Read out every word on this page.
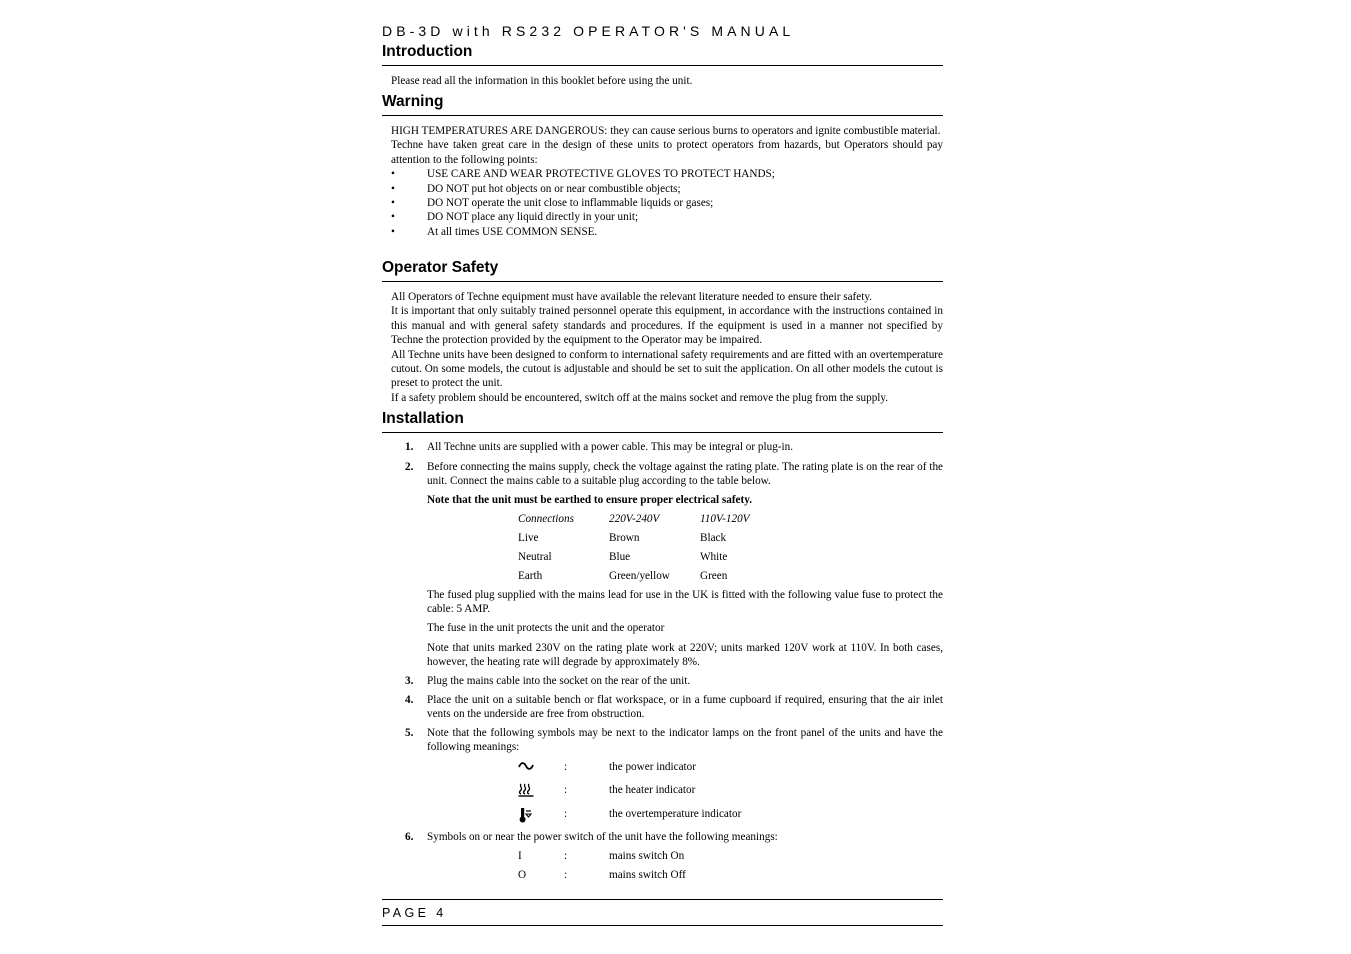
DB-3D with RS232 OPERATOR'S MANUAL
Introduction

Please read all the information in this booklet before using the unit.

Warning

HIGH TEMPERATURES ARE DANGEROUS: they can cause serious burns to operators and ignite combustible material.

Techne have taken great care in the design of these units to protect operators from hazards, but Operators should pay attention to the following points:

•	USE CARE AND WEAR PROTECTIVE GLOVES TO PROTECT HANDS;
•	DO NOT put hot objects on or near combustible objects;
•	DO NOT operate the unit close to inflammable liquids or gases;
•	DO NOT place any liquid directly in your unit;
•	At all times USE COMMON SENSE.
Operator Safety

All Operators of Techne equipment must have available the relevant literature needed to ensure their safety.

It is important that only suitably trained personnel operate this equipment, in accordance with the instructions contained in this manual and with general safety standards and procedures. If the equipment is used in a manner not specified by Techne the protection provided by the equipment to the Operator may be impaired.

All Techne units have been designed to conform to international safety requirements and are fitted with an overtemperature cutout. On some models, the cutout is adjustable and should be set to suit the application. On all other models the cutout is preset to protect the unit.

If a safety problem should be encountered, switch off at the mains socket and remove the plug from the supply.

Installation
1. All Techne units are supplied with a power cable. This may be integral or plug-in.
2. Before connecting the mains supply, check the voltage against the rating plate. The rating plate is on the rear of the unit. Connect the mains cable to a suitable plug according to the table below.
Note that the unit must be earthed to ensure proper electrical safety.
Connections	220V-240V	110V-120V
Live	Brown	Black
Neutral	Blue	White
Earth	Green/yellow	Green
The fused plug supplied with the mains lead for use in the UK is fitted with the following value fuse to protect the cable: 5 AMP.
The fuse in the unit protects the unit and the operator
Note that units marked 230V on the rating plate work at 220V; units marked 120V work at 110V. In both cases, however, the heating rate will degrade by approximately 8%.
3. Plug the mains cable into the socket on the rear of the unit.
4. Place the unit on a suitable bench or flat workspace, or in a fume cupboard if required, ensuring that the air inlet vents on the underside are free from obstruction.
5. Note that the following symbols may be next to the indicator lamps on the front panel of the units and have the following meanings:
:	the power indicator
:	the heater indicator
:	the overtemperature indicator
6. Symbols on or near the power switch of the unit have the following meanings:
I	:	mains switch On
O	:	mains switch Off
PAGE 4
